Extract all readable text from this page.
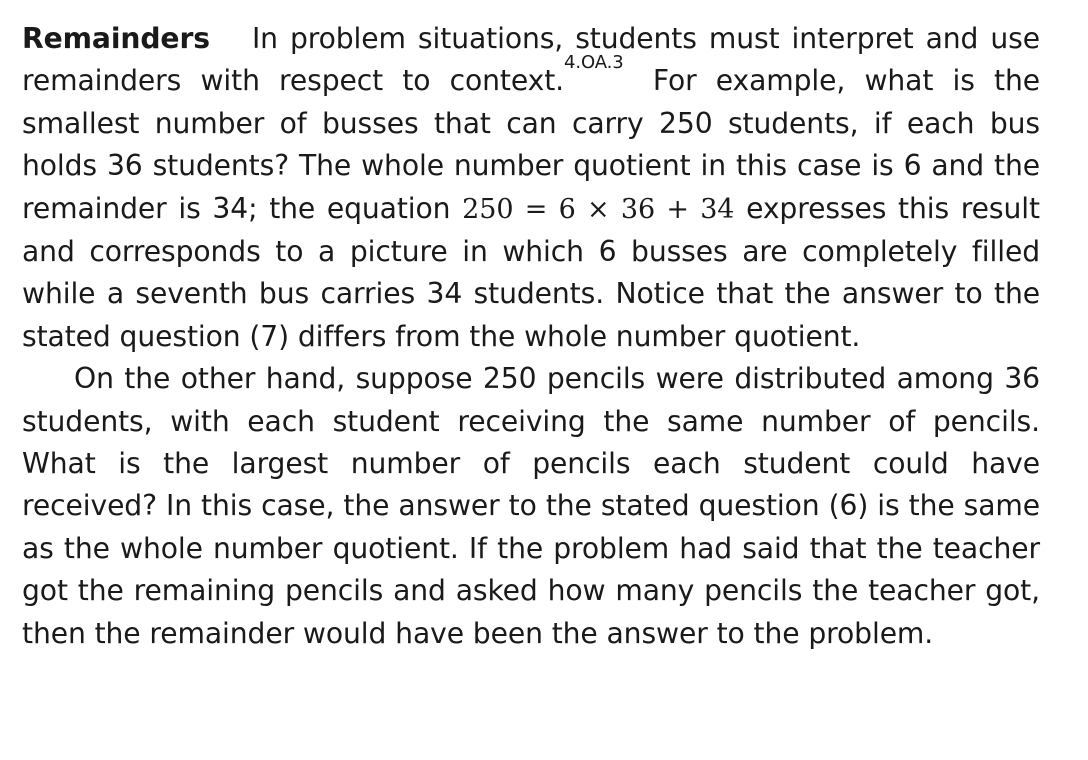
Remainders In problem situations, students must interpret and use remainders with respect to context.$^{4.OA.3}$ For example, what is the smallest number of busses that can carry 250 students, if each bus holds 36 students? The whole number quotient in this case is 6 and the remainder is 34; the equation 250 = 6 × 36 + 34 expresses this result and corresponds to a picture in which 6 busses are completely filled while a seventh bus carries 34 students. Notice that the answer to the stated question (7) differs from the whole number quotient.

On the other hand, suppose 250 pencils were distributed among 36 students, with each student receiving the same number of pencils. What is the largest number of pencils each student could have received? In this case, the answer to the stated question (6) is the same as the whole number quotient. If the problem had said that the teacher got the remaining pencils and asked how many pencils the teacher got, then the remainder would have been the answer to the problem.
